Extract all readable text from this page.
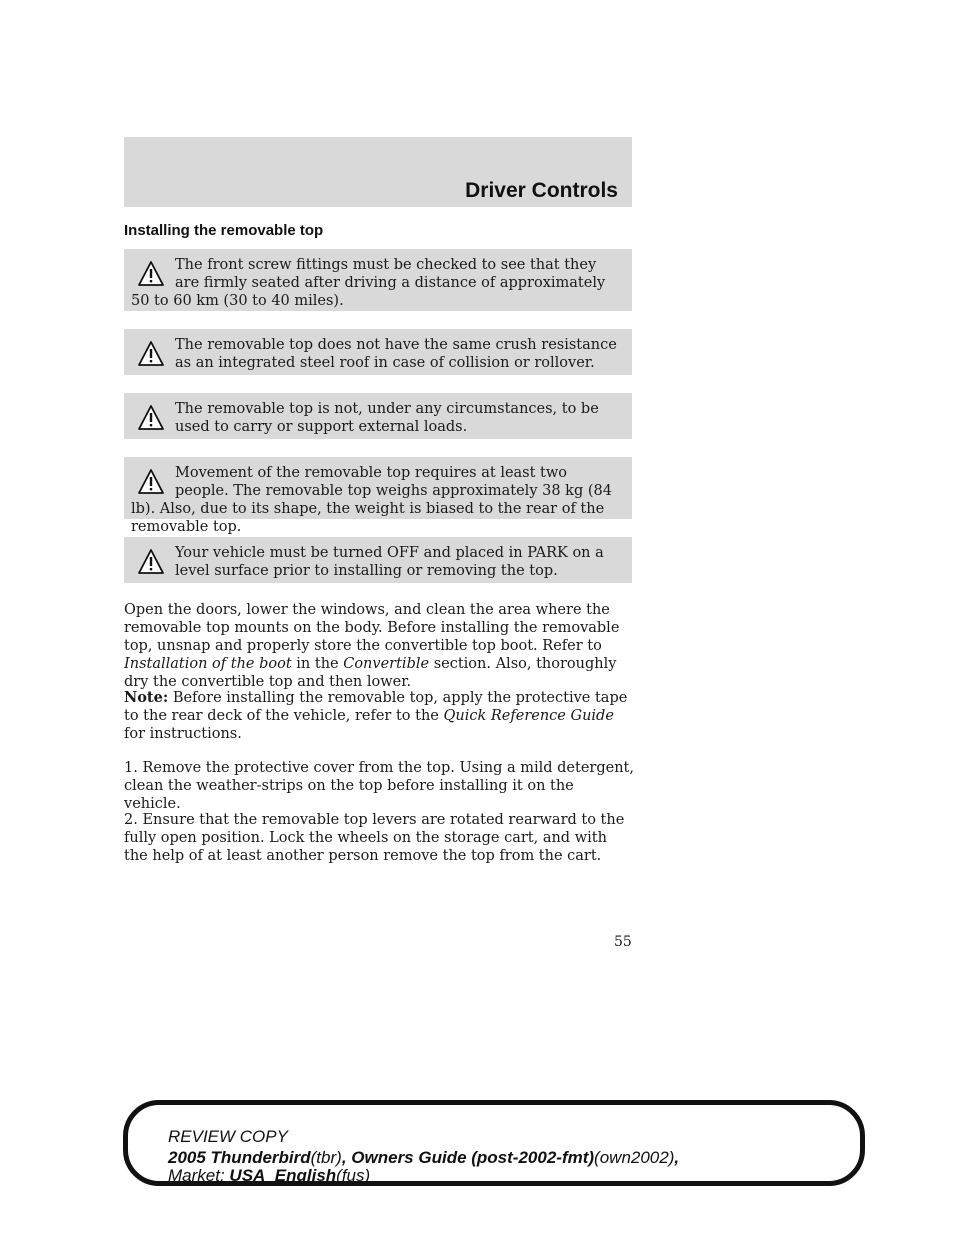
Driver Controls
Installing the removable top
The front screw fittings must be checked to see that they are firmly seated after driving a distance of approximately 50 to 60 km (30 to 40 miles).
The removable top does not have the same crush resistance as an integrated steel roof in case of collision or rollover.
The removable top is not, under any circumstances, to be used to carry or support external loads.
Movement of the removable top requires at least two people. The removable top weighs approximately 38 kg (84 lb). Also, due to its shape, the weight is biased to the rear of the removable top.
Your vehicle must be turned OFF and placed in PARK on a level surface prior to installing or removing the top.

Open the doors, lower the windows, and clean the area where the removable top mounts on the body. Before installing the removable top, unsnap and properly store the convertible top boot. Refer to Installation of the boot in the Convertible section. Also, thoroughly dry the convertible top and then lower.

Note: Before installing the removable top, apply the protective tape to the rear deck of the vehicle, refer to the Quick Reference Guide for instructions.

1. Remove the protective cover from the top. Using a mild detergent, clean the weather-strips on the top before installing it on the vehicle.

2. Ensure that the removable top levers are rotated rearward to the fully open position. Lock the wheels on the storage cart, and with the help of at least another person remove the top from the cart.

55
REVIEW COPY
2005 Thunderbird(tbr), Owners Guide (post-2002-fmt)(own2002),
Market: USA_English(fus)
